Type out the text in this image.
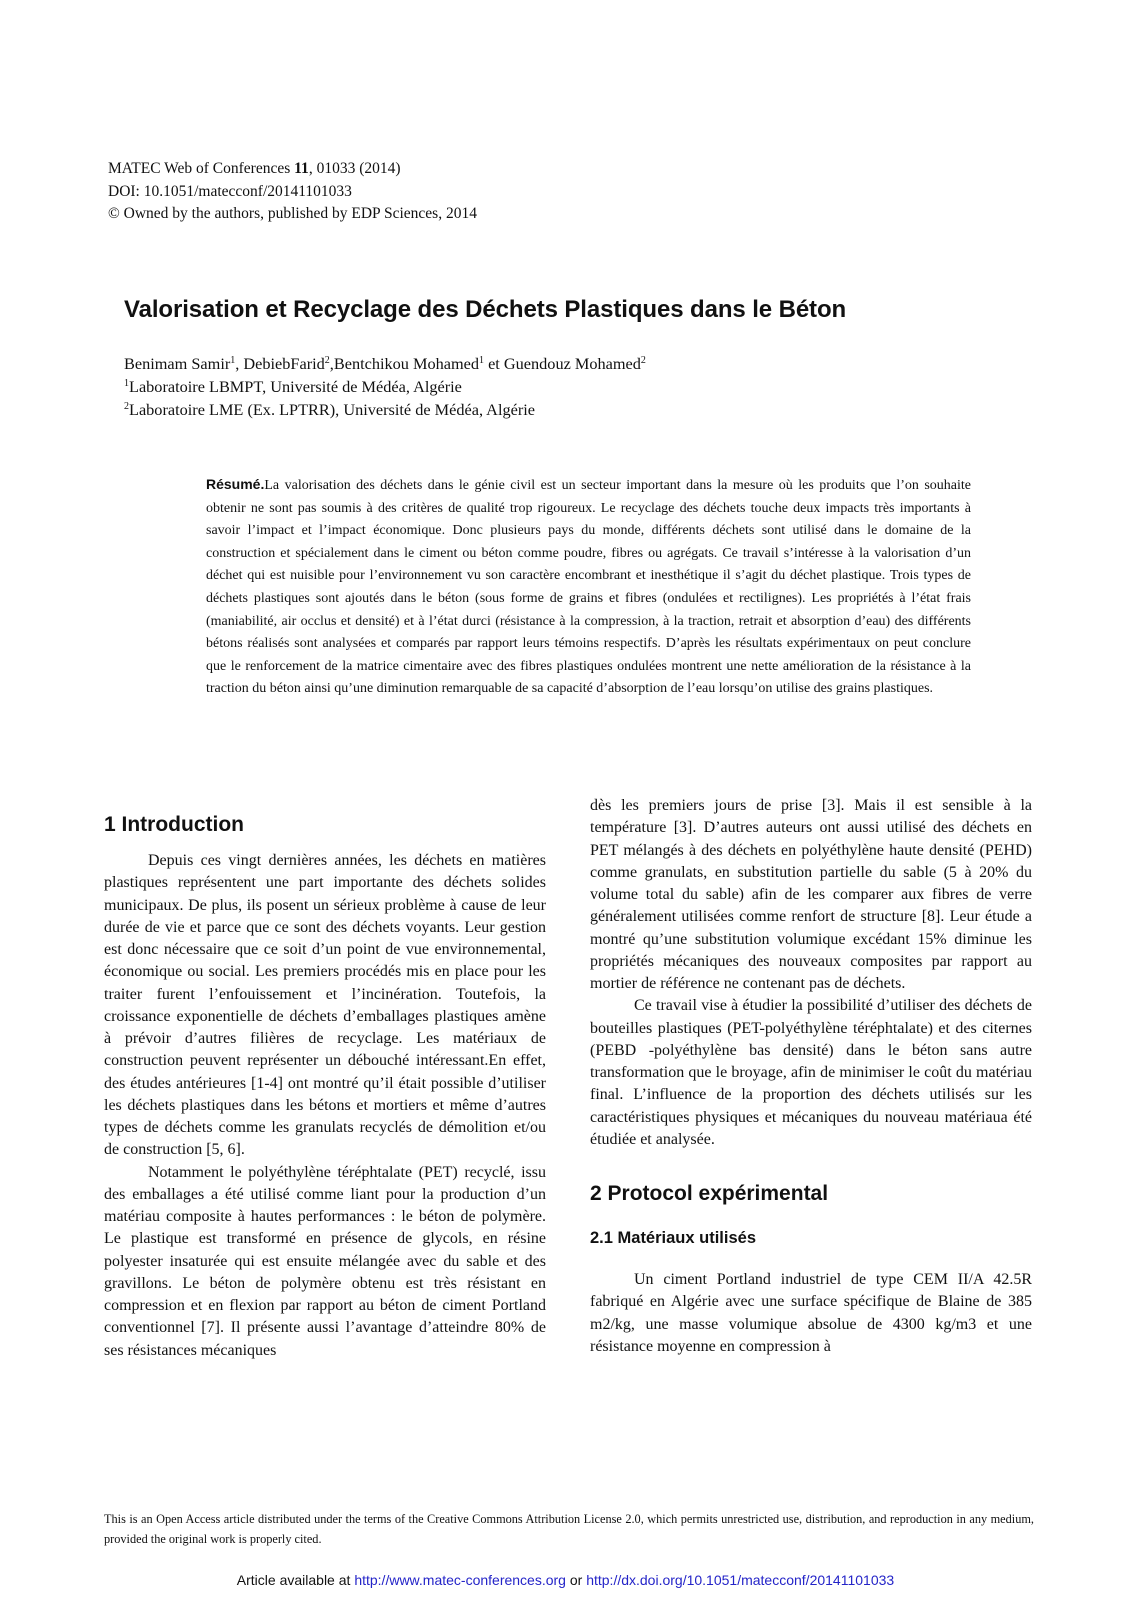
MATEC Web of Conferences 11, 01033 (2014)
DOI: 10.1051/matecconf/20141101033
© Owned by the authors, published by EDP Sciences, 2014
Valorisation et Recyclage des Déchets Plastiques dans le Béton
Benimam Samir$^1$, DebiebFarid$^2$,Bentchikou Mohamed$^1$ et Guendouz Mohamed$^2$
$^1$Laboratoire LBMPT, Université de Médéa, Algérie
$^2$Laboratoire LME (Ex. LPTRR), Université de Médéa, Algérie
Résumé.La valorisation des déchets dans le génie civil est un secteur important dans la mesure où les produits que l’on souhaite obtenir ne sont pas soumis à des critères de qualité trop rigoureux. Le recyclage des déchets touche deux impacts très importants à savoir l’impact et l’impact économique. Donc plusieurs pays du monde, différents déchets sont utilisé dans le domaine de la construction et spécialement dans le ciment ou béton comme poudre, fibres ou agrégats. Ce travail s’intéresse à la valorisation d’un déchet qui est nuisible pour l’environnement vu son caractère encombrant et inesthétique il s’agit du déchet plastique. Trois types de déchets plastiques sont ajoutés dans le béton (sous forme de grains et fibres (ondulées et rectilignes). Les propriétés à l’état frais (maniabilité, air occlus et densité) et à l’état durci (résistance à la compression, à la traction, retrait et absorption d’eau) des différents bétons réalisés sont analysées et comparés par rapport leurs témoins respectifs. D’après les résultats expérimentaux on peut conclure que le renforcement de la matrice cimentaire avec des fibres plastiques ondulées montrent une nette amélioration de la résistance à la traction du béton ainsi qu’une diminution remarquable de sa capacité d’absorption de l’eau lorsqu’on utilise des grains plastiques.
1 Introduction

Depuis ces vingt dernières années, les déchets en matières plastiques représentent une part importante des déchets solides municipaux. De plus, ils posent un sérieux problème à cause de leur durée de vie et parce que ce sont des déchets voyants. Leur gestion est donc nécessaire que ce soit d’un point de vue environnemental, économique ou social. Les premiers procédés mis en place pour les traiter furent l’enfouissement et l’incinération. Toutefois, la croissance exponentielle de déchets d’emballages plastiques amène à prévoir d’autres filières de recyclage. Les matériaux de construction peuvent représenter un débouché intéressant.En effet, des études antérieures [1-4] ont montré qu’il était possible d’utiliser les déchets plastiques dans les bétons et mortiers et même d’autres types de déchets comme les granulats recyclés de démolition et/ou de construction [5, 6].

Notamment le polyéthylène téréphtalate (PET) recyclé, issu des emballages a été utilisé comme liant pour la production d’un matériau composite à hautes performances : le béton de polymère. Le plastique est transformé en présence de glycols, en résine polyester insaturée qui est ensuite mélangée avec du sable et des gravillons. Le béton de polymère obtenu est très résistant en compression et en flexion par rapport au béton de ciment Portland conventionnel [7]. Il présente aussi l’avantage d’atteindre 80% de ses résistances mécaniques

dès les premiers jours de prise [3]. Mais il est sensible à la température [3]. D’autres auteurs ont aussi utilisé des déchets en PET mélangés à des déchets en polyéthylène haute densité (PEHD) comme granulats, en substitution partielle du sable (5 à 20% du volume total du sable) afin de les comparer aux fibres de verre généralement utilisées comme renfort de structure [8]. Leur étude a montré qu’une substitution volumique excédant 15% diminue les propriétés mécaniques des nouveaux composites par rapport au mortier de référence ne contenant pas de déchets.

Ce travail vise à étudier la possibilité d’utiliser des déchets de bouteilles plastiques (PET-polyéthylène téréphtalate) et des citernes (PEBD -polyéthylène bas densité) dans le béton sans autre transformation que le broyage, afin de minimiser le coût du matériau final. L’influence de la proportion des déchets utilisés sur les caractéristiques physiques et mécaniques du nouveau matériaua été étudiée et analysée.

2 Protocol expérimental
2.1 Matériaux utilisés

Un ciment Portland industriel de type CEM II/A 42.5R fabriqué en Algérie avec une surface spécifique de Blaine de 385 m2/kg, une masse volumique absolue de 4300 kg/m3 et une résistance moyenne en compression à

This is an Open Access article distributed under the terms of the Creative Commons Attribution License 2.0, which permits unrestricted use, distribution, and reproduction in any medium, provided the original work is properly cited.
Article available at http://www.matec-conferences.org or http://dx.doi.org/10.1051/matecconf/20141101033
